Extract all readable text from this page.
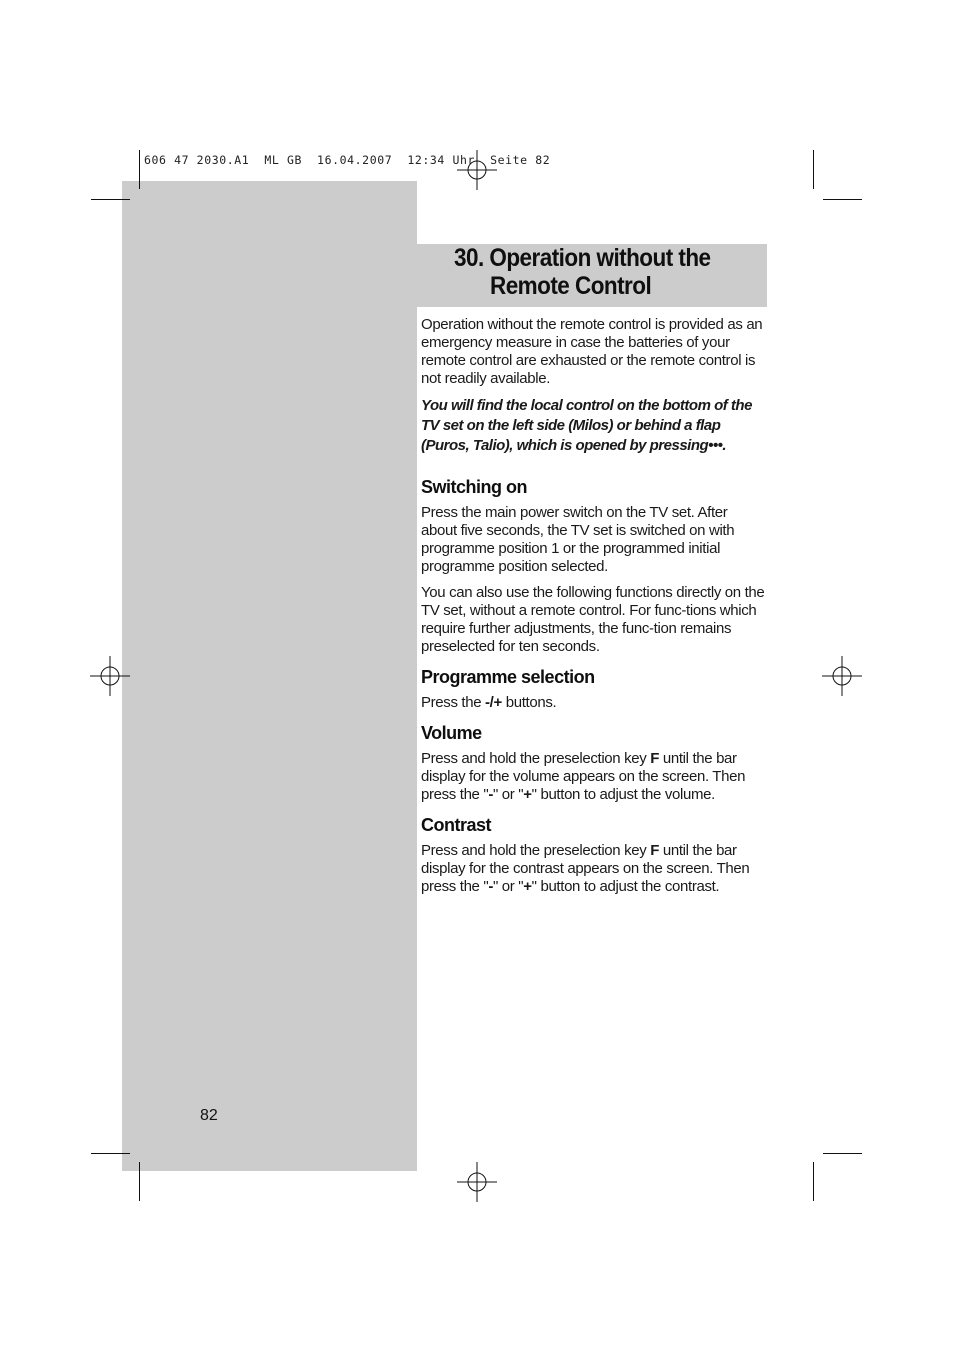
606 47 2030.A1  ML GB  16.04.2007  12:34 Uhr  Seite 82
30. Operation without the
Remote Control

Operation without the remote control is provided as an emergency measure in case the batteries of your remote control are exhausted or the remote control is not readily available.

You will find the local control on the bottom of the TV set on the left side (Milos) or behind a flap (Puros, Talio), which is opened by pressing•••.

Switching on

Press the main power switch on the TV set. After about five seconds, the TV set is switched on with programme position 1 or the programmed initial programme position selected.

You can also use the following functions directly on the TV set, without a remote control. For func-tions which require further adjustments, the func-tion remains preselected for ten seconds.

Programme selection

Press the -/+ buttons.

Volume

Press and hold the preselection key F until the bar display for the volume appears on the screen. Then press the "-" or "+" button to adjust the volume.

Contrast

Press and hold the preselection key F until the bar display for the contrast appears on the screen. Then press the "-" or "+" button to adjust the contrast.

82
